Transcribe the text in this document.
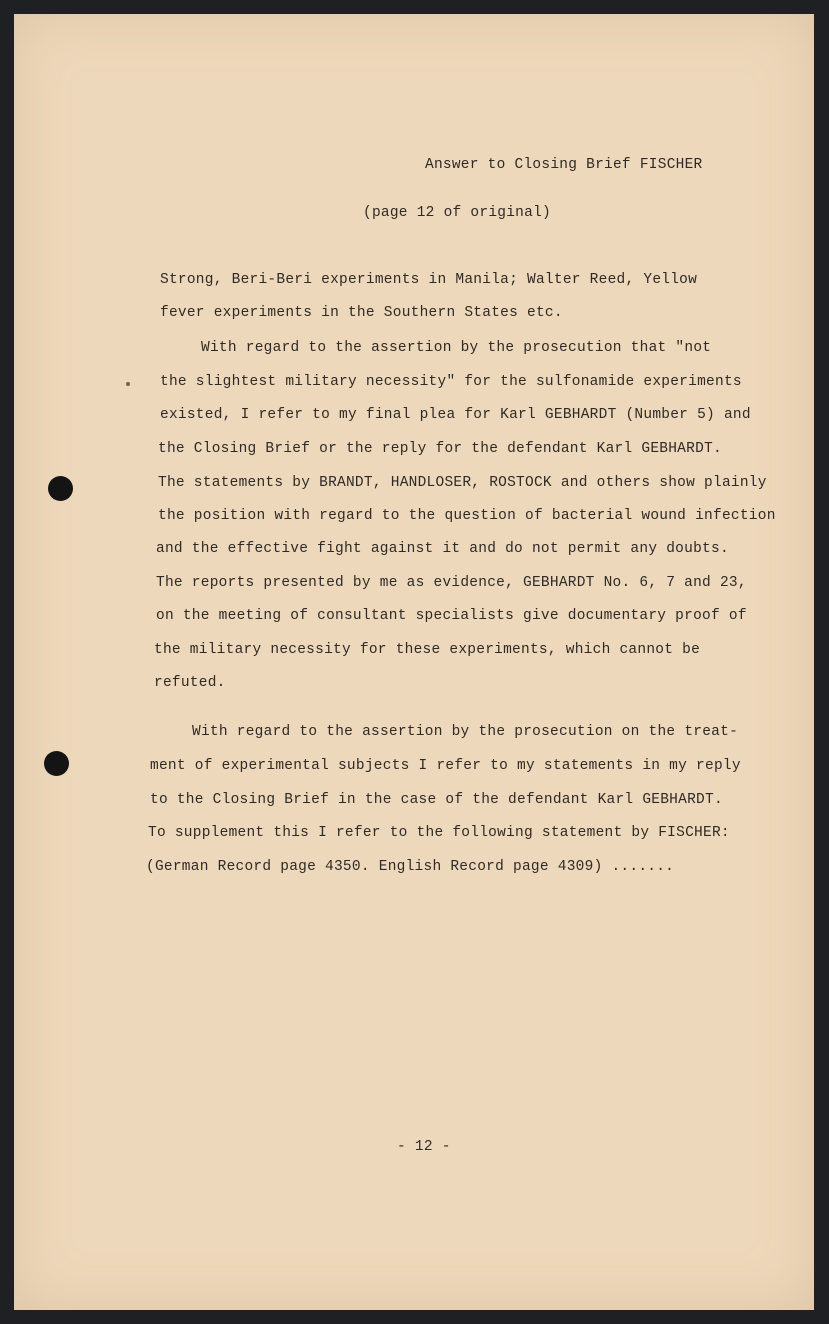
Answer to Closing Brief FISCHER

(page 12 of original)

Strong, Beri-Beri experiments in Manila; Walter Reed, Yellow

fever experiments in the Southern States etc.

With regard to the assertion by the prosecution that "not

the slightest military necessity" for the sulfonamide experiments

existed, I refer to my final plea for Karl GEBHARDT (Number 5) and

the Closing Brief or the reply for the defendant Karl GEBHARDT.

The statements by BRANDT, HANDLOSER, ROSTOCK and others show plainly

the position with regard to the question of bacterial wound infection

and the effective fight against it and do not permit any doubts.

The reports presented by me as evidence, GEBHARDT No. 6, 7 and 23,

on the meeting of consultant specialists give documentary proof of

the military necessity for these experiments, which cannot be

refuted.

With regard to the assertion by the prosecution on the treat-

ment of experimental subjects I refer to my statements in my reply

to the Closing Brief in the case of the defendant Karl GEBHARDT.

To supplement this I refer to the following statement by FISCHER:

(German Record page 4350. English Record page 4309) .......

- 12 -
